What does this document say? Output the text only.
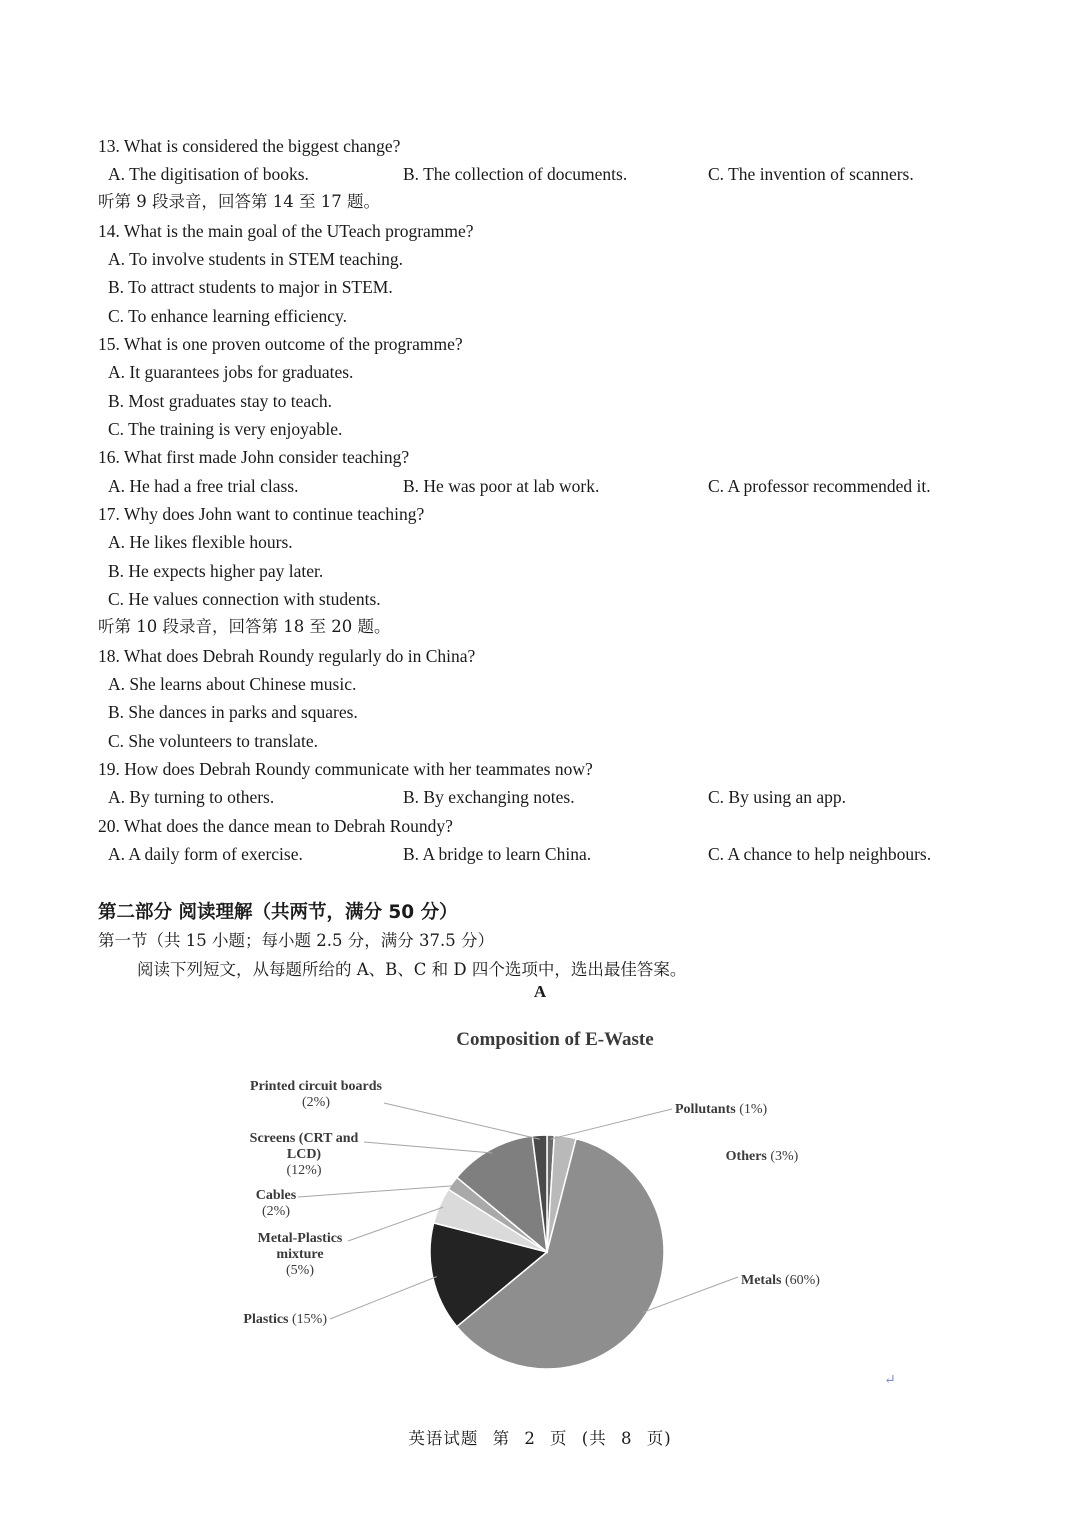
13. What is considered the biggest change?
A. The digitisation of books.	B. The collection of documents.	C. The invention of scanners.
听第 9 段录音，回答第 14 至 17 题。
14. What is the main goal of the UTeach programme?
A. To involve students in STEM teaching.
B. To attract students to major in STEM.
C. To enhance learning efficiency.
15. What is one proven outcome of the programme?
A. It guarantees jobs for graduates.
B. Most graduates stay to teach.
C. The training is very enjoyable.
16. What first made John consider teaching?
A. He had a free trial class.	B. He was poor at lab work.	C. A professor recommended it.
17. Why does John want to continue teaching?
A. He likes flexible hours.
B. He expects higher pay later.
C. He values connection with students.
听第 10 段录音，回答第 18 至 20 题。
18. What does Debrah Roundy regularly do in China?
A. She learns about Chinese music.
B. She dances in parks and squares.
C. She volunteers to translate.
19. How does Debrah Roundy communicate with her teammates now?
A. By turning to others.	B. By exchanging notes.	C. By using an app.
20. What does the dance mean to Debrah Roundy?
A. A daily form of exercise.	B. A bridge to learn China.	C. A chance to help neighbours.
第二部分 阅读理解（共两节，满分 50 分）
第一节（共 15 小题；每小题 2.5 分，满分 37.5 分）
阅读下列短文，从每题所给的 A、B、C 和 D 四个选项中，选出最佳答案。
A
Composition of E-Waste
Pollutants (1%)
Others (3%)
Metals (60%)
Plastics (15%)
Metal-Plastics mixture (5%)
Cables (2%)
Screens (CRT and LCD) (12%)
Printed circuit boards (2%)
↵
英语试题 第 2 页 (共 8 页)
